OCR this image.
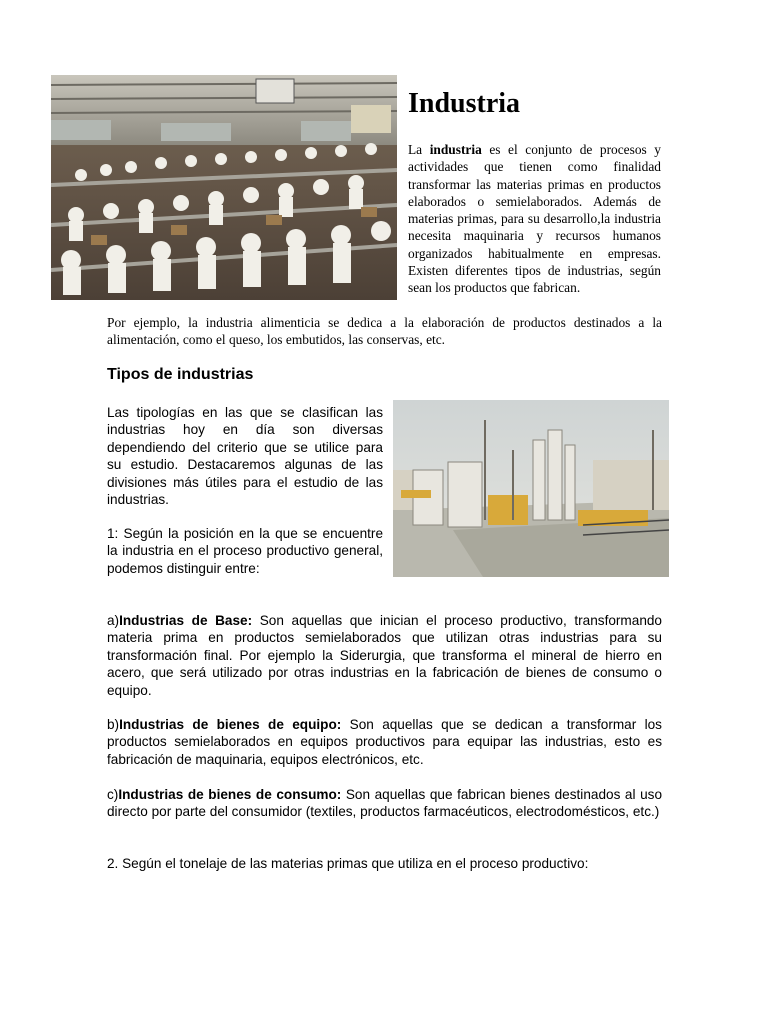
Industria

La industria es el conjunto de procesos y actividades que tienen como finalidad transformar las materias primas en productos elaborados o semielaborados. Además de materias primas, para su desarrollo,la industria necesita maquinaria y recursos humanos organizados habitualmente en empresas. Existen diferentes tipos de industrias, según sean los productos que fabrican.

Por ejemplo, la industria alimenticia se dedica a la elaboración de productos destinados a la alimentación, como el queso, los embutidos, las conservas, etc.

Tipos de industrias

Las tipologías en las que se clasifican las industrias hoy en día son diversas dependiendo del criterio que se utilice para su estudio. Destacaremos algunas de las divisiones más útiles para el estudio de las industrias.

1: Según la posición en la que se encuentre la industria en el proceso productivo general, podemos distinguir entre:

a)Industrias de Base: Son aquellas que inician el proceso productivo, transformando materia prima en productos semielaborados que utilizan otras industrias para su transformación final. Por ejemplo la Siderurgia, que transforma el mineral de hierro en acero, que será utilizado por otras industrias en la fabricación de bienes de consumo o equipo.

b)Industrias de bienes de equipo: Son aquellas que se dedican a transformar los productos semielaborados en equipos productivos para equipar las industrias, esto es fabricación de maquinaria, equipos electrónicos, etc.

c)Industrias de bienes de consumo: Son aquellas que fabrican bienes destinados al uso directo por parte del consumidor (textiles, productos farmacéuticos, electrodomésticos, etc.)

2. Según el tonelaje de las materias primas que utiliza en el proceso productivo:
